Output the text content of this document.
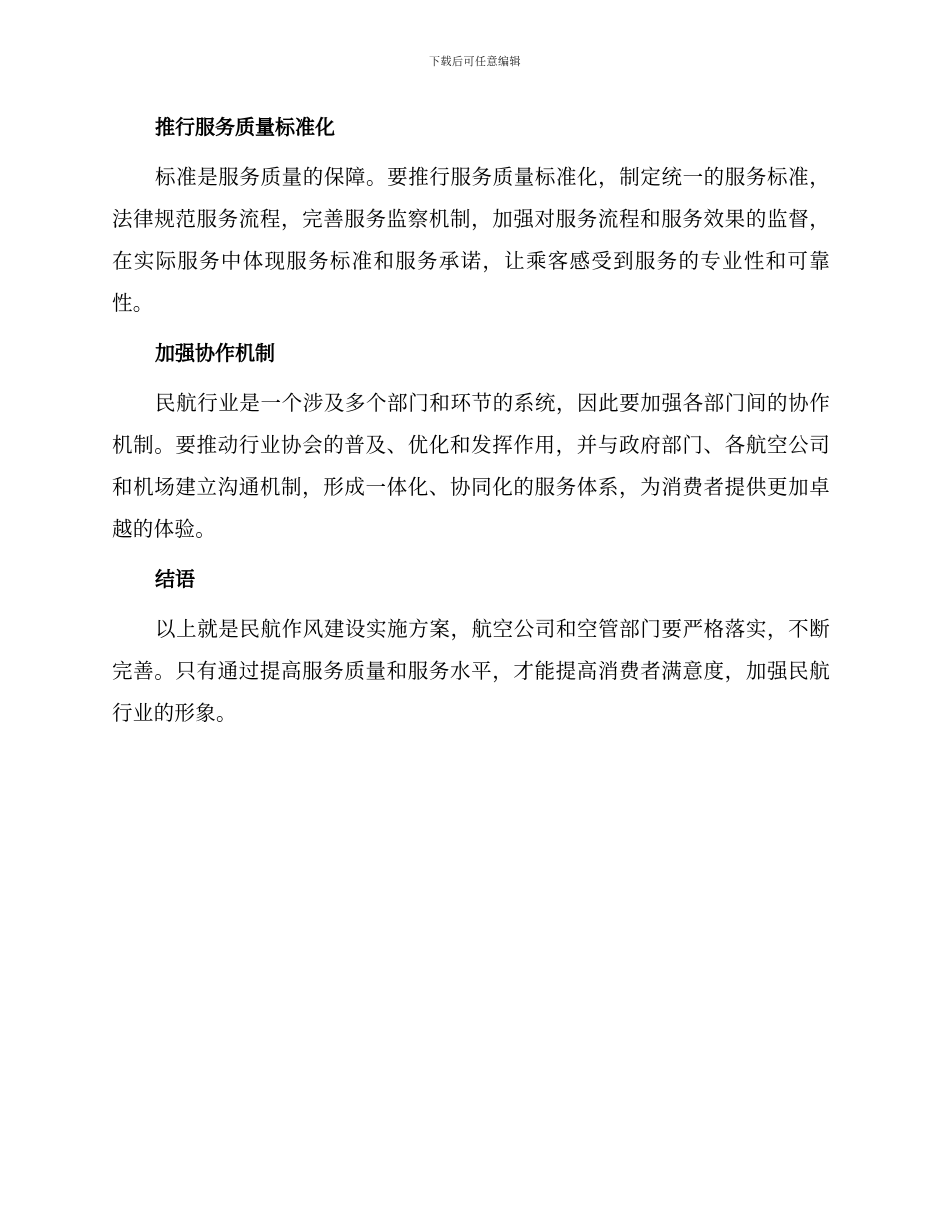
下载后可任意编辑
推行服务质量标准化

标准是服务质量的保障。要推行服务质量标准化，制定统一的服务标准，法律规范服务流程，完善服务监察机制，加强对服务流程和服务效果的监督，在实际服务中体现服务标准和服务承诺，让乘客感受到服务的专业性和可靠性。

加强协作机制

民航行业是一个涉及多个部门和环节的系统，因此要加强各部门间的协作机制。要推动行业协会的普及、优化和发挥作用，并与政府部门、各航空公司和机场建立沟通机制，形成一体化、协同化的服务体系，为消费者提供更加卓越的体验。

结语

以上就是民航作风建设实施方案，航空公司和空管部门要严格落实，不断完善。只有通过提高服务质量和服务水平，才能提高消费者满意度，加强民航行业的形象。
